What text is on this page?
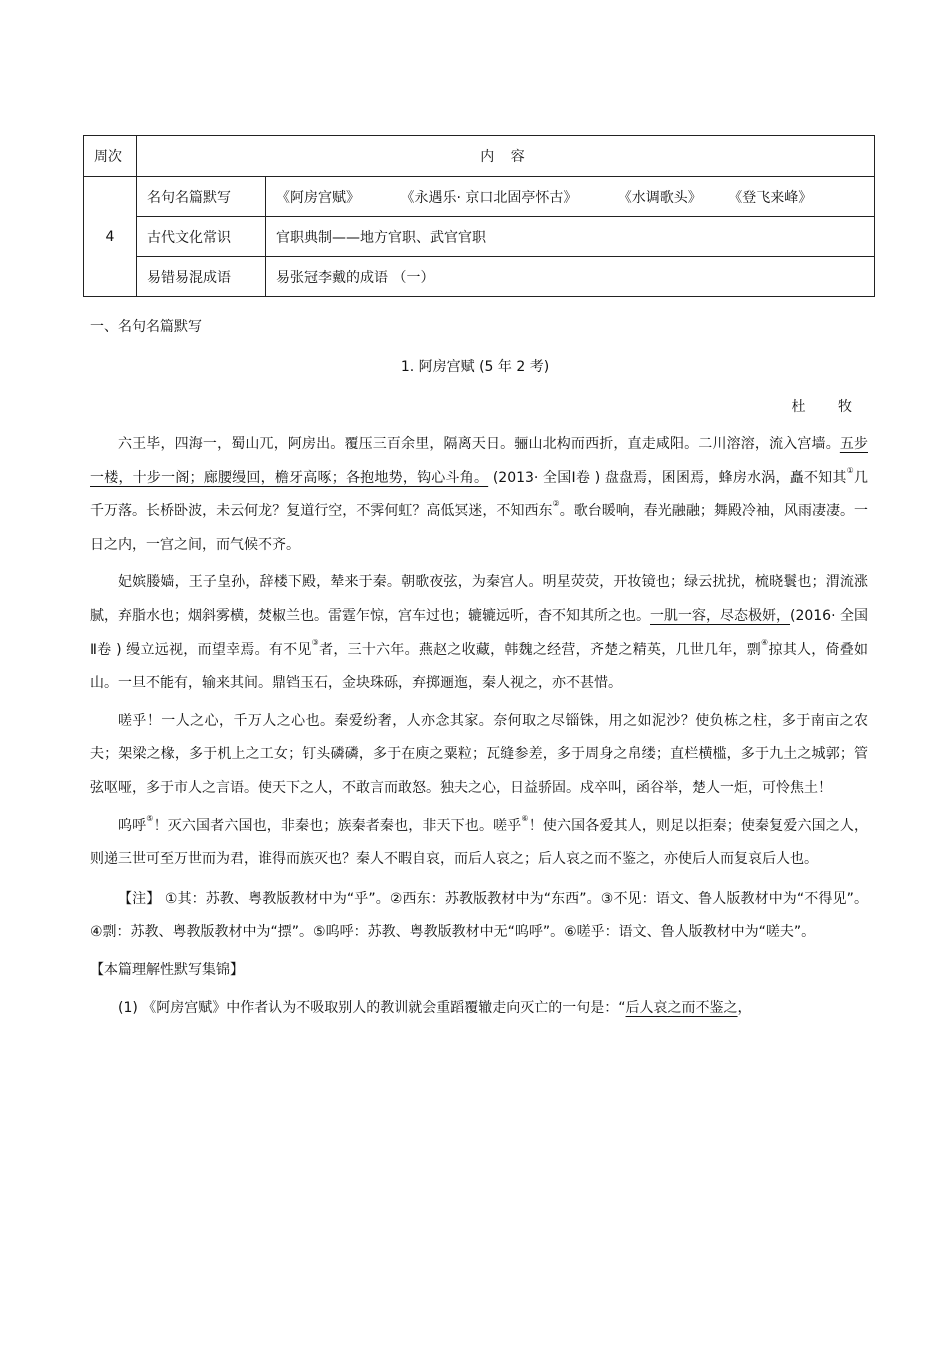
周次	内 容	
4	名句名篇默写	《阿房宫赋》 《永遇乐· 京口北固亭怀古》 《水调歌头》 《登飞来峰》
	古代文化常识	官职典制——地方官职、武官官职
	易错易混成语	易张冠李戴的成语 （一）
一、名句名篇默写
1. 阿房宫赋 (5 年 2 考)
杜 牧

六王毕，四海一，蜀山兀，阿房出。覆压三百余里，隔离天日。骊山北构而西折，直走咸阳。二川溶溶，流入宫墙。五步一楼，十步一阁；廊腰缦回，檐牙高啄；各抱地势，钩心斗角。 (2013· 全国Ⅰ卷 ) 盘盘焉，囷囷焉，蜂房水涡，矗不知其①几千万落。长桥卧波，未云何龙？复道行空，不霁何虹？高低冥迷，不知西东②。歌台暖响，春光融融；舞殿冷袖，风雨凄凄。一日之内，一宫之间，而气候不齐。

妃嫔媵嫱，王子皇孙，辞楼下殿，辇来于秦。朝歌夜弦，为秦宫人。明星荧荧，开妆镜也；绿云扰扰，梳晓鬟也；渭流涨腻，弃脂水也；烟斜雾横，焚椒兰也。雷霆乍惊，宫车过也；辘辘远听，杳不知其所之也。一肌一容，尽态极妍，(2016· 全国Ⅱ卷 ) 缦立远视，而望幸焉。有不见③者，三十六年。燕赵之收藏，韩魏之经营，齐楚之精英，几世几年，剽④掠其人，倚叠如山。一旦不能有，输来其间。鼎铛玉石，金块珠砾，弃掷逦迤，秦人视之，亦不甚惜。

嗟乎！一人之心，千万人之心也。秦爱纷奢，人亦念其家。奈何取之尽锱铢，用之如泥沙？使负栋之柱，多于南亩之农夫；架梁之椽，多于机上之工女；钉头磷磷，多于在庾之粟粒；瓦缝参差，多于周身之帛缕；直栏横槛，多于九土之城郭；管弦呕哑，多于市人之言语。使天下之人，不敢言而敢怒。独夫之心，日益骄固。戍卒叫，函谷举，楚人一炬，可怜焦土！

呜呼⑤！灭六国者六国也，非秦也；族秦者秦也，非天下也。嗟乎⑥！使六国各爱其人，则足以拒秦；使秦复爱六国之人，则递三世可至万世而为君，谁得而族灭也？秦人不暇自哀，而后人哀之；后人哀之而不鉴之，亦使后人而复哀后人也。

【注】 ①其：苏教、粤教版教材中为“乎”。②西东：苏教版教材中为“东西”。③不见：语文、鲁人版教材中为“不得见”。④剽：苏教、粤教版教材中为“摽”。⑤呜呼：苏教、粤教版教材中无“呜呼”。⑥嗟乎：语文、鲁人版教材中为“嗟夫”。

【本篇理解性默写集锦】

(1) 《阿房宫赋》中作者认为不吸取别人的教训就会重蹈覆辙走向灭亡的一句是：“后人哀之而不鉴之，
